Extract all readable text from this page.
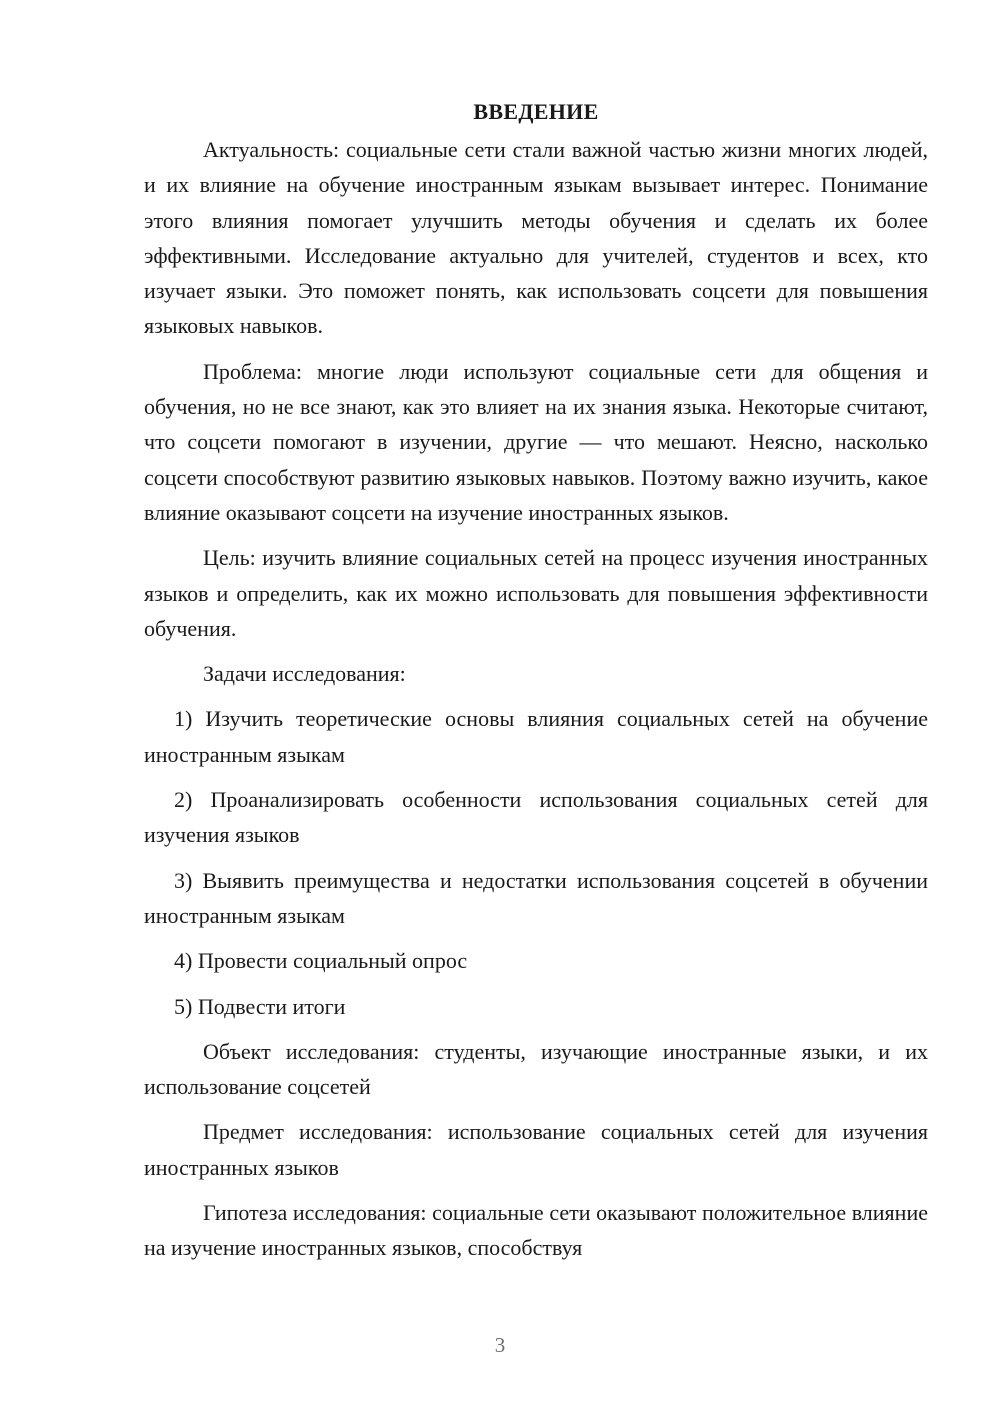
ВВЕДЕНИЕ

Актуальность: социальные сети стали важной частью жизни многих людей, и их влияние на обучение иностранным языкам вызывает интерес. Понимание этого влияния помогает улучшить методы обучения и сделать их более эффективными. Исследование актуально для учителей, студентов и всех, кто изучает языки. Это поможет понять, как использовать соцсети для повышения языковых навыков.

Проблема: многие люди используют социальные сети для общения и обучения, но не все знают, как это влияет на их знания языка. Некоторые считают, что соцсети помогают в изучении, другие — что мешают. Неясно, насколько соцсети способствуют развитию языковых навыков. Поэтому важно изучить, какое влияние оказывают соцсети на изучение иностранных языков.

Цель: изучить влияние социальных сетей на процесс изучения иностранных языков и определить, как их можно использовать для повышения эффективности обучения.

Задачи исследования:

1) Изучить теоретические основы влияния социальных сетей на обучение иностранным языкам

2) Проанализировать особенности использования социальных сетей для изучения языков

3) Выявить преимущества и недостатки использования соцсетей в обучении иностранным языкам

4) Провести социальный опрос

5) Подвести итоги

Объект исследования: студенты, изучающие иностранные языки, и их использование соцсетей

Предмет исследования: использование социальных сетей для изучения иностранных языков

Гипотеза исследования: социальные сети оказывают положительное влияние на изучение иностранных языков, способствуя

3
